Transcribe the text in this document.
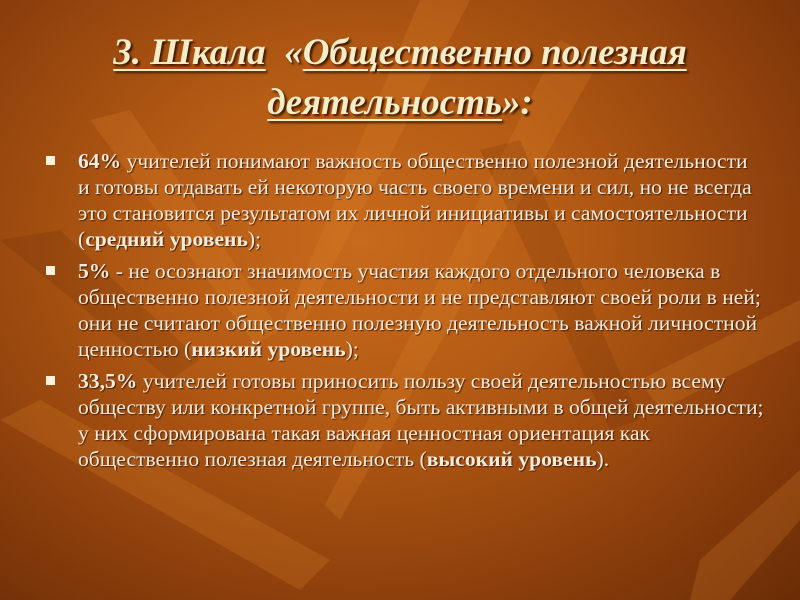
3. Шкала «Общественно полезная
деятельность»:
64% учителей понимают важность общественно полезной деятельности и готовы отдавать ей некоторую часть своего времени и сил, но не всегда это становится результатом их личной инициативы и самостоятельности (средний уровень);
5% - не осознают значимость участия каждого отдельного человека в общественно полезной деятельности и не представляют своей роли в ней; они не считают общественно полезную деятельность важной личностной ценностью (низкий уровень);
33,5% учителей готовы приносить пользу своей деятельностью всему обществу или конкретной группе, быть активными в общей деятельности; у них сформирована такая важная ценностная ориентация как общественно полезная деятельность (высокий уровень).
